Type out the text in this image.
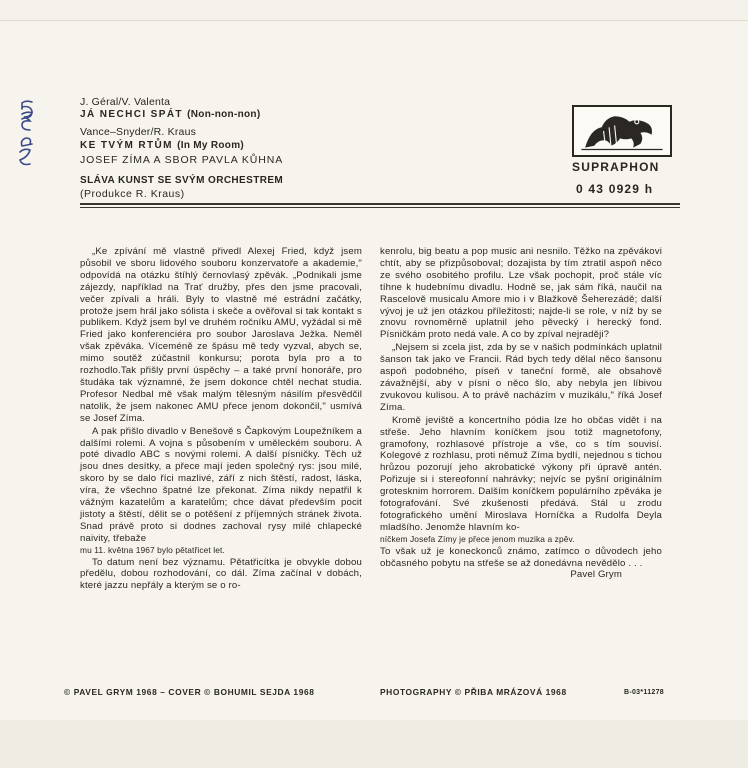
J. Géral/V. Valenta
JÁ NECHCI SPÁT (Non-non-non)
Vance–Snyder/R. Kraus
KE TVÝM RTŮM (In My Room)
JOSEF ZÍMA A SBOR PAVLA KŮHNA
SLÁVA KUNST SE SVÝM ORCHESTREM
(Produkce R. Kraus)
SUPRAPHON
0 43 0929 h

„Ke zpívání mě vlastně přivedl Alexej Fried, když jsem působil ve sboru lidového souboru konzervatoře a akademie," odpovídá na otázku štíhlý černovlasý zpěvák. „Podnikali jsme zájezdy, například na Trať družby, přes den jsme pracovali, večer zpívali a hráli. Byly to vlastně mé estrádní začátky, protože jsem hrál jako sólista i skeče a ověřoval si tak kontakt s publikem. Když jsem byl ve druhém ročníku AMU, vyžádal si mě Fried jako konferenciéra pro soubor Jaroslava Ježka. Neměl však zpěváka. Víceméně ze špásu mě tedy vyzval, abych se, mimo soutěž zúčastnil konkursu; porota byla pro a to rozhodlo.Tak přišly první úspěchy – a také první honoráře, pro študáka tak významné, že jsem dokonce chtěl nechat studia. Profesor Nedbal mě však malým tělesným násilím přesvědčil natolik, že jsem nakonec AMU přece jenom dokončil," usmívá se Josef Zíma.

A pak přišlo divadlo v Benešově s Čapkovým Loupežníkem a dalšími rolemi. A vojna s působením v uměleckém souboru. A poté divadlo ABC s novými rolemi. A další písničky. Těch už jsou dnes desítky, a přece mají jeden společný rys: jsou milé, skoro by se dalo říci mazlivé, září z nich štěstí, radost, láska, víra, že všechno špatné lze překonat. Zíma nikdy nepatřil k vážným kazatelům a karatelům; chce dávat především pocit jistoty a štěstí, dělit se o potěšení z příjemných stránek života. Snad právě proto si dodnes zachoval rysy milé chlapecké naivity, třebaže

mu 11. května 1967 bylo pětatřicet let.

To datum není bez významu. Pětatřicítka je obvykle dobou předělu, dobou rozhodování, co dál. Zíma začínal v dobách, které jazzu nepřály a kterým se o ro-

kenrolu, big beatu a pop music ani nesnilo. Těžko na zpěvákovi chtít, aby se přizpůsoboval; dozajista by tím ztratil aspoň něco ze svého osobitého profilu. Lze však pochopit, proč stále víc tíhne k hudebnímu divadlu. Hodně se, jak sám říká, naučil na Rascelově musicalu Amore mio i v Blažkově Šeherezádě; další vývoj je už jen otázkou příležitosti; najde-li se role, v níž by se znovu rovnoměrně uplatnil jeho pěvecký i herecký fond. Písničkám proto nedá vale. A co by zpíval nejraději?

„Nejsem si zcela jist, zda by se v našich podmínkách uplatnil šanson tak jako ve Francii. Rád bych tedy dělal něco šansonu aspoň podobného, píseň v taneční formě, ale obsahově závažnější, aby v písni o něco šlo, aby nebyla jen líbivou zvukovou kulisou. A to právě nacházím v muzikálu," říká Josef Zíma.

Kromě jeviště a koncertního pódia lze ho občas vidět i na střeše. Jeho hlavním koníčkem jsou totiž magnetofony, gramofony, rozhlasové přístroje a vše, co s tím souvisí. Kolegové z rozhlasu, proti němuž Zíma bydlí, nejednou s tichou hrůzou pozorují jeho akrobatické výkony při úpravě antén. Pořizuje si i stereofonní nahrávky; nejvíc se pyšní originálním grotesknim horrorem. Dalším koníčkem populárního zpěváka je fotografování. Své zkušenosti předává. Stál u zrodu fotografického umění Miroslava Horníčka a Rudolfa Deyla mladšího. Jenomže hlavním ko-

níčkem Josefa Zímy je přece jenom muzika a zpěv.

To však už je koneckonců známo, zatímco o důvodech jeho občasného pobytu na střeše se až donedávna nevědělo . . .

Pavel Grym

© PAVEL GRYM 1968 – COVER © BOHUMIL SEJDA 1968	PHOTOGRAPHY © PŘIBA MRÁZOVÁ 1968	B-03*11278
